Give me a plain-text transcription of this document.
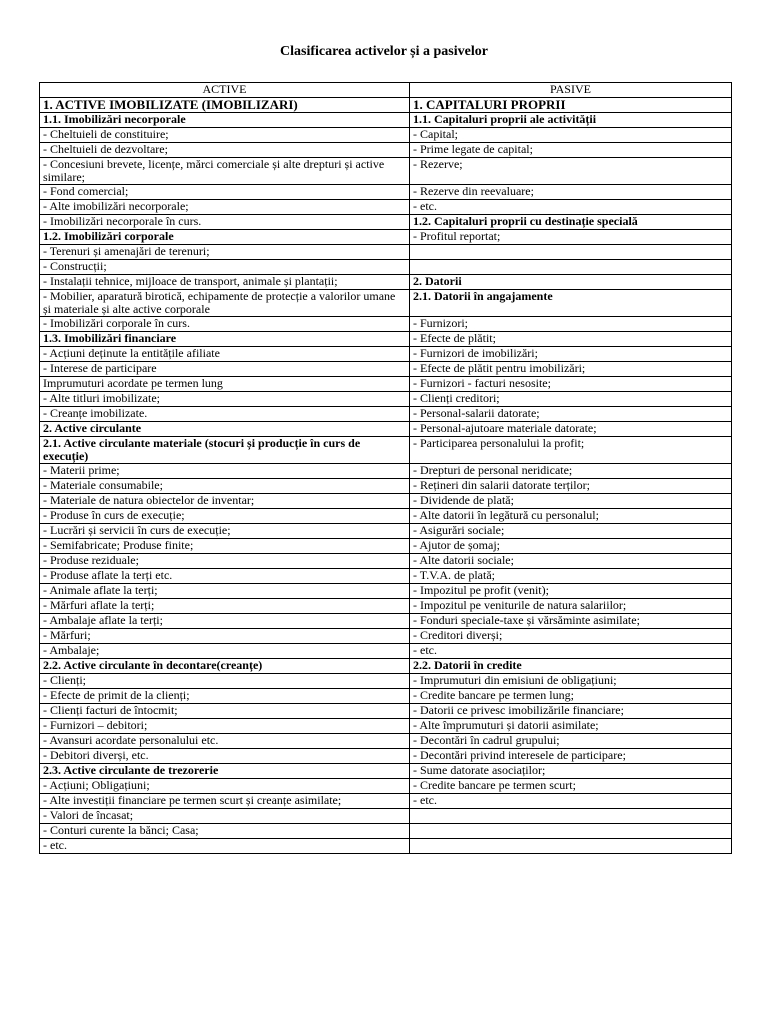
Clasificarea activelor și a pasivelor
ACTIVE	PASIVE
1. ACTIVE IMOBILIZATE (IMOBILIZARI)	1. CAPITALURI PROPRII
1.1. Imobilizări necorporale	1.1. Capitaluri proprii ale activității
- Cheltuieli de constituire;	- Capital;
- Cheltuieli de dezvoltare;	- Prime legate de capital;
- Concesiuni brevete, licențe, mărci comerciale și alte drepturi și active similare;	- Rezerve;
- Fond comercial;	- Rezerve din reevaluare;
- Alte imobilizări necorporale;	- etc.
- Imobilizări necorporale în curs.	1.2. Capitaluri proprii cu destinație specială
1.2. Imobilizări corporale	- Profitul reportat;
- Terenuri și amenajări de terenuri;	
- Construcții;	
- Instalații tehnice, mijloace de transport, animale și plantații;	2. Datorii
- Mobilier, aparatură birotică, echipamente de protecție a valorilor umane și materiale și alte active corporale	2.1. Datorii în angajamente
- Imobilizări corporale în curs.	- Furnizori;
1.3. Imobilizări financiare	- Efecte de plătit;
- Acțiuni deținute la entitățile afiliate	- Furnizori de imobilizări;
- Interese de participare	- Efecte de plătit pentru imobilizări;
Imprumuturi acordate pe termen lung	- Furnizori - facturi nesosite;
- Alte titluri imobilizate;	- Clienți creditori;
- Creanțe imobilizate.	- Personal-salarii datorate;
2. Active circulante	- Personal-ajutoare materiale datorate;
2.1. Active circulante materiale (stocuri și producție în curs de execuție)	- Participarea personalului la profit;
- Materii prime;	- Drepturi de personal neridicate;
- Materiale consumabile;	- Rețineri din salarii datorate terților;
- Materiale de natura obiectelor de inventar;	- Dividende de plată;
- Produse în curs de execuție;	- Alte datorii în legătură cu personalul;
- Lucrări și servicii în curs de execuție;	- Asigurări sociale;
- Semifabricate; Produse finite;	- Ajutor de șomaj;
- Produse reziduale;	- Alte datorii sociale;
- Produse aflate la terți etc.	- T.V.A. de plată;
- Animale aflate la terți;	- Impozitul pe profit (venit);
- Mărfuri aflate la terți;	- Impozitul pe veniturile de natura salariilor;
- Ambalaje aflate la terți;	- Fonduri speciale-taxe și vărsăminte asimilate;
- Mărfuri;	- Creditori diverși;
- Ambalaje;	- etc.
2.2. Active circulante în decontare(creanțe)	2.2. Datorii în credite
- Clienți;	- Imprumuturi din emisiuni de obligațiuni;
- Efecte de primit de la clienți;	- Credite bancare pe termen lung;
- Clienți facturi de întocmit;	- Datorii ce privesc imobilizările financiare;
- Furnizori – debitori;	- Alte împrumuturi și datorii asimilate;
- Avansuri acordate personalului etc.	- Decontări în cadrul grupului;
- Debitori diverși, etc.	- Decontări privind interesele de participare;
2.3. Active circulante de trezorerie	- Sume datorate asociaților;
- Acțiuni; Obligațiuni;	- Credite bancare pe termen scurt;
- Alte investiții financiare pe termen scurt și creanțe asimilate;	- etc.
- Valori de încasat;	
- Conturi curente la bănci; Casa;	
- etc.	
